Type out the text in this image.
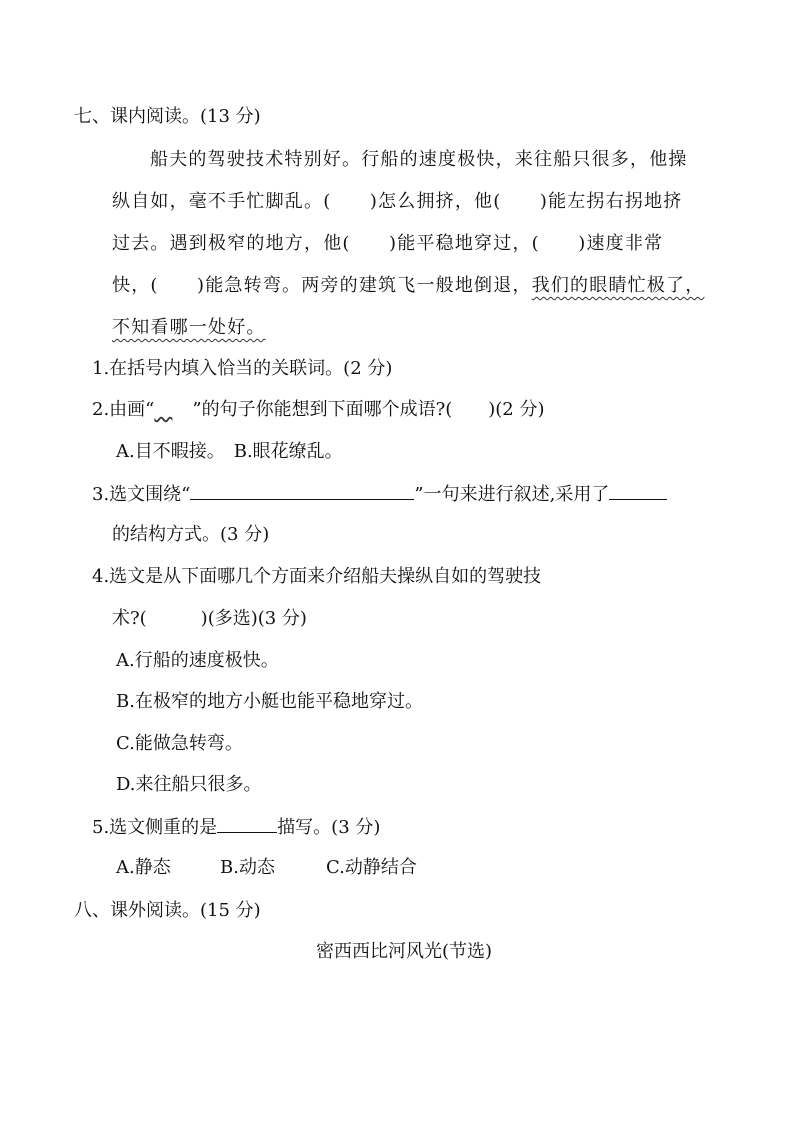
七、课内阅读。(13 分)
船夫的驾驶技术特别好。行船的速度极快，来往船只很多，他操
纵自如，毫不手忙脚乱。(　　)怎么拥挤，他(　　)能左拐右拐地挤
过去。遇到极窄的地方，他(　　)能平稳地穿过，(　　)速度非常
快，(　　)能急转弯。两旁的建筑飞一般地倒退，我们的眼睛忙极了，
不知看哪一处好。
1.在括号内填入恰当的关联词。(2 分)
2.由画“　 ”的句子你能想到下面哪个成语?(　　)(2 分)
A.目不暇接。　B.眼花缭乱。
3.选文围绕“	”一句来进行叙述,采用了
的结构方式。(3 分)
4.选文是从下面哪几个方面来介绍船夫操纵自如的驾驶技
术?(　　　)(多选)(3 分)
A.行船的速度极快。
B.在极窄的地方小艇也能平稳地穿过。
C.能做急转弯。
D.来往船只很多。
5.选文侧重的是	描写。(3 分)
A.静态	B.动态	C.动静结合
八、课外阅读。(15 分)
密西西比河风光(节选)
